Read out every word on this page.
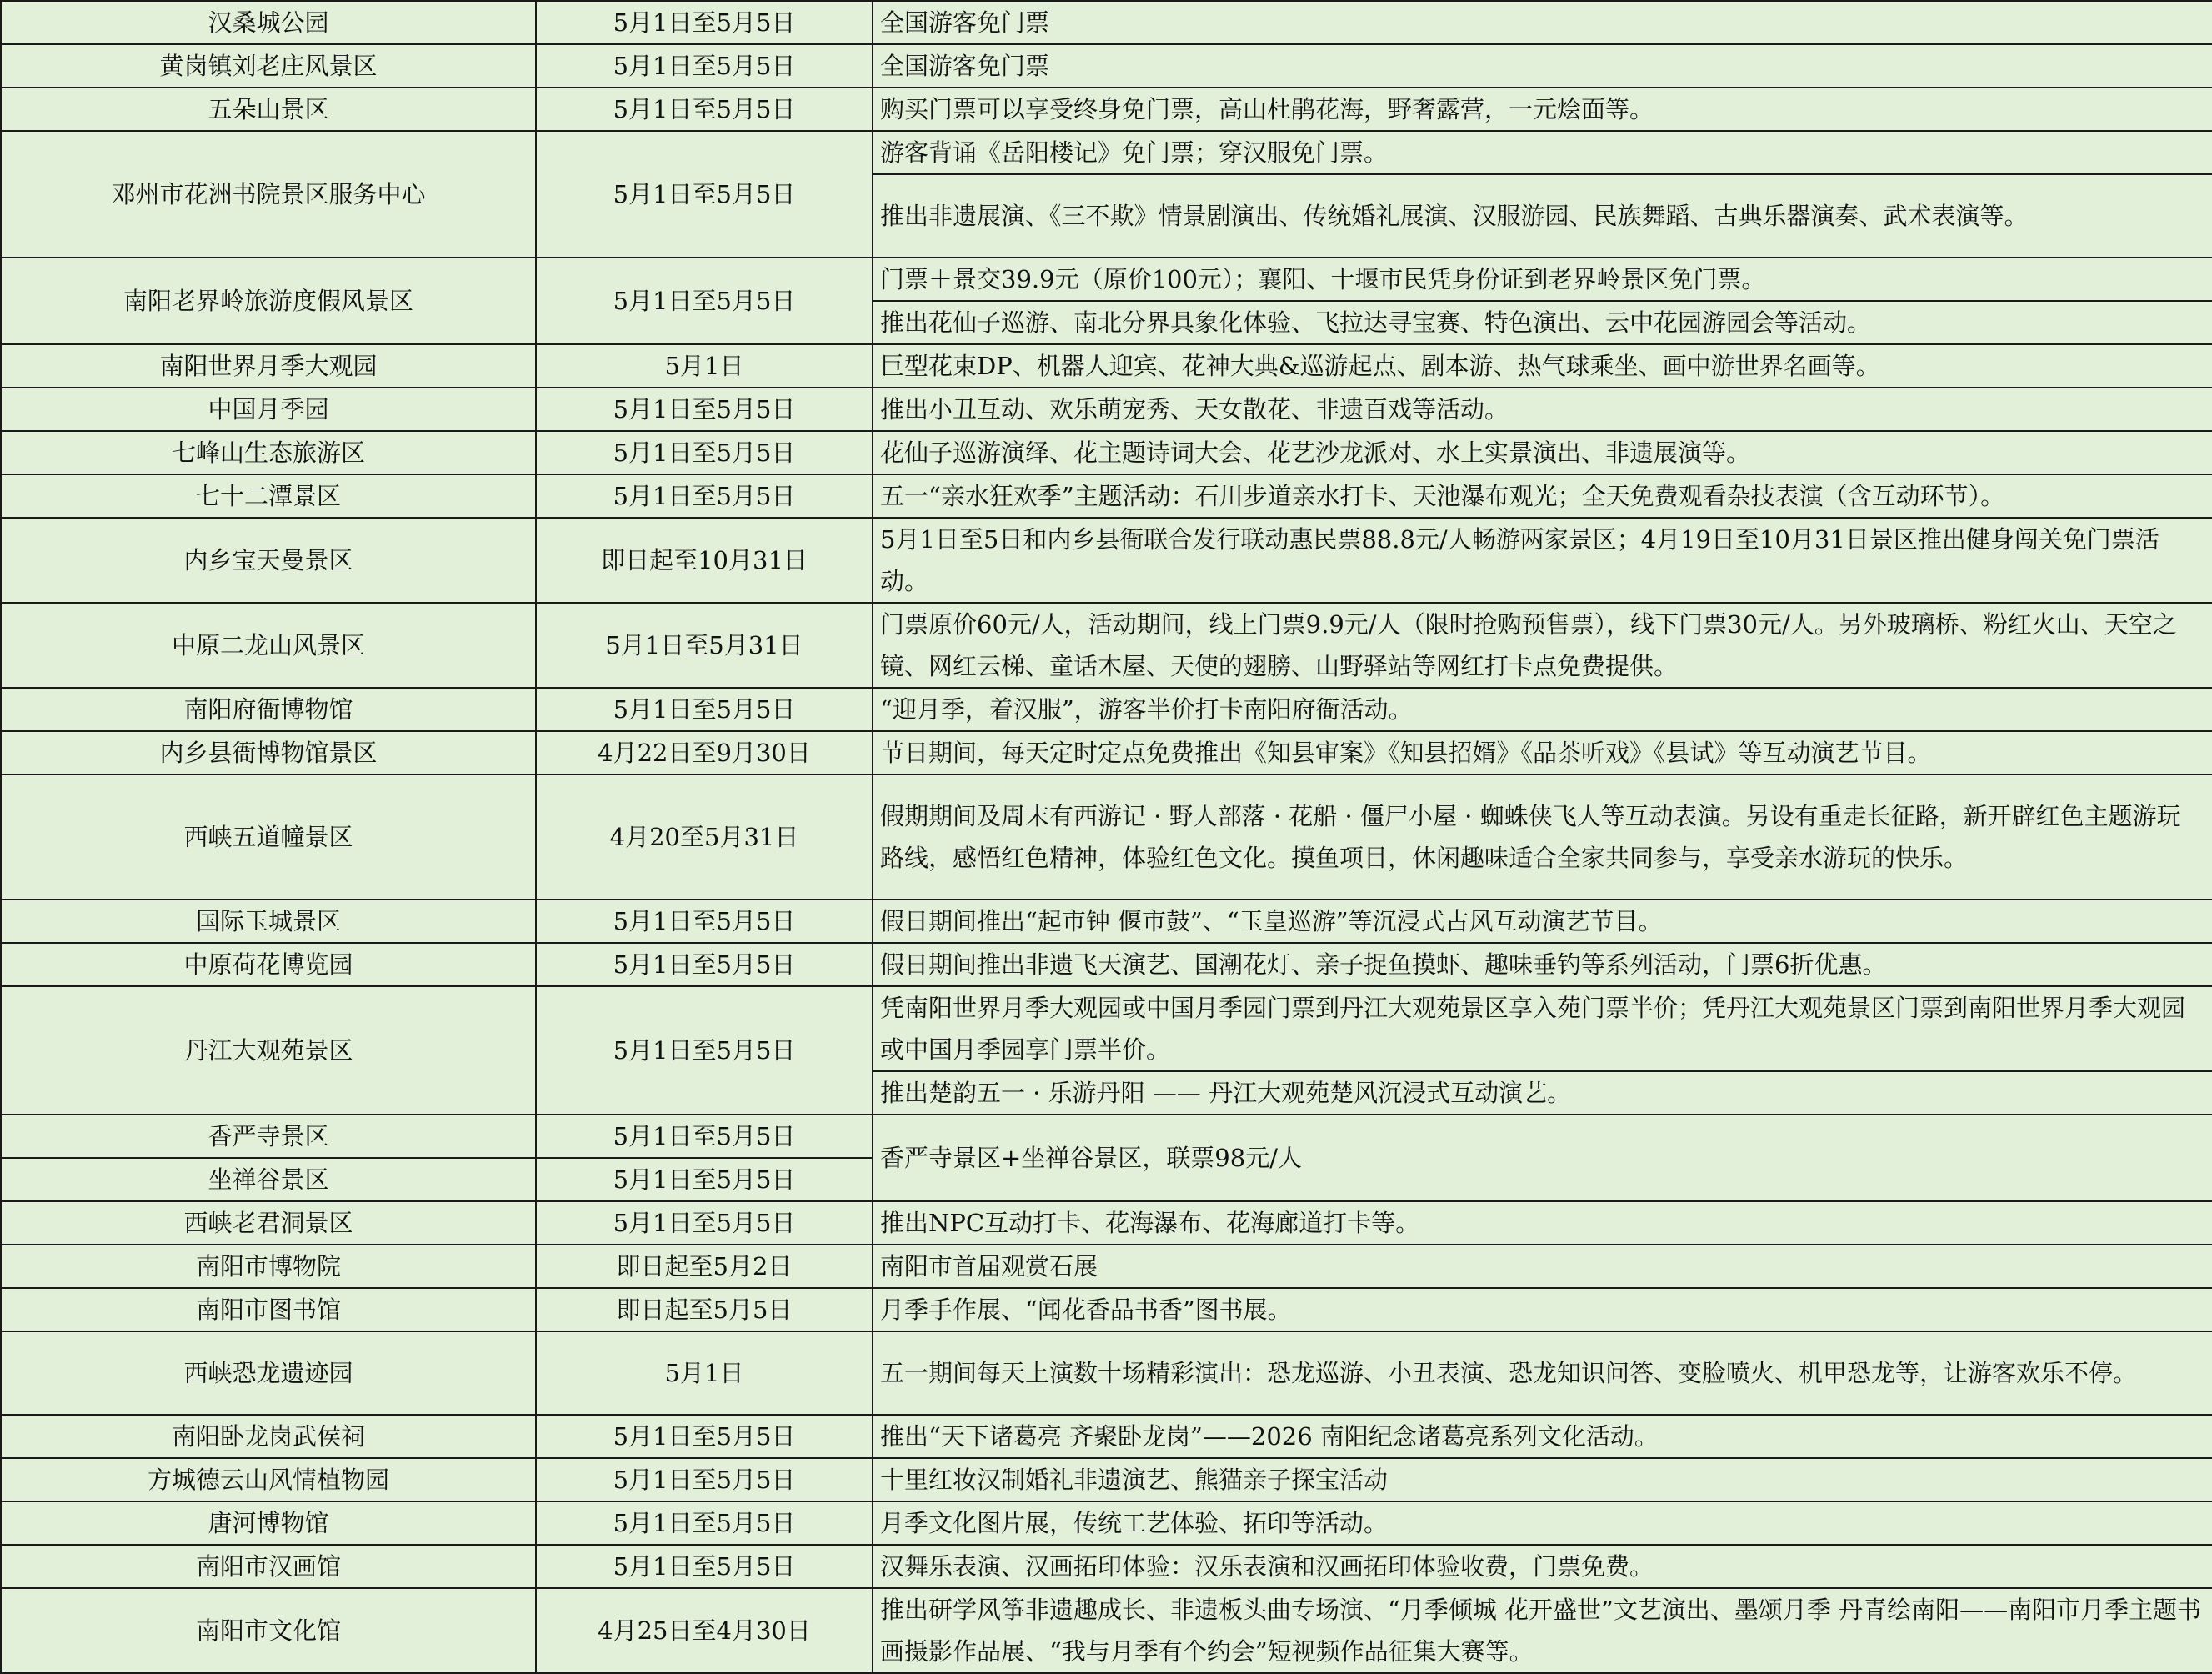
汉桑城公园	5月1日至5月5日	全国游客免门票
黄岗镇刘老庄风景区	5月1日至5月5日	全国游客免门票
五朵山景区	5月1日至5月5日	购买门票可以享受终身免门票，高山杜鹃花海，野奢露营，一元烩面等。
邓州市花洲书院景区服务中心	5月1日至5月5日	游客背诵《岳阳楼记》免门票；穿汉服免门票。
		推出非遗展演、《三不欺》情景剧演出、传统婚礼展演、汉服游园、民族舞蹈、古典乐器演奏、武术表演等。
南阳老界岭旅游度假风景区	5月1日至5月5日	门票＋景交39.9元（原价100元）；襄阳、十堰市民凭身份证到老界岭景区免门票。
		推出花仙子巡游、南北分界具象化体验、飞拉达寻宝赛、特色演出、云中花园游园会等活动。
南阳世界月季大观园	5月1日	巨型花束DP、机器人迎宾、花神大典&巡游起点、剧本游、热气球乘坐、画中游世界名画等。
中国月季园	5月1日至5月5日	推出小丑互动、欢乐萌宠秀、天女散花、非遗百戏等活动。
七峰山生态旅游区	5月1日至5月5日	花仙子巡游演绎、花主题诗词大会、花艺沙龙派对、水上实景演出、非遗展演等。
七十二潭景区	5月1日至5月5日	五一“亲水狂欢季”主题活动：石川步道亲水打卡、天池瀑布观光；全天免费观看杂技表演（含互动环节）。
内乡宝天曼景区	即日起至10月31日	5月1日至5日和内乡县衙联合发行联动惠民票88.8元/人畅游两家景区；4月19日至10月31日景区推出健身闯关免门票活动。
中原二龙山风景区	5月1日至5月31日	门票原价60元/人，活动期间，线上门票9.9元/人（限时抢购预售票），线下门票30元/人。另外玻璃桥、粉红火山、天空之镜、网红云梯、童话木屋、天使的翅膀、山野驿站等网红打卡点免费提供。
南阳府衙博物馆	5月1日至5月5日	“迎月季，着汉服”，游客半价打卡南阳府衙活动。
内乡县衙博物馆景区	4月22日至9月30日	节日期间，每天定时定点免费推出《知县审案》《知县招婿》《品茶听戏》《县试》等互动演艺节目。
西峡五道幢景区	4月20至5月31日	假期期间及周末有西游记 · 野人部落 · 花船 · 僵尸小屋 · 蜘蛛侠飞人等互动表演。另设有重走长征路，新开辟红色主题游玩路线，感悟红色精神，体验红色文化。摸鱼项目，休闲趣味适合全家共同参与，享受亲水游玩的快乐。
国际玉城景区	5月1日至5月5日	假日期间推出“起市钟 偃市鼓”、“玉皇巡游”等沉浸式古风互动演艺节目。
中原荷花博览园	5月1日至5月5日	假日期间推出非遗飞天演艺、国潮花灯、亲子捉鱼摸虾、趣味垂钓等系列活动，门票6折优惠。
丹江大观苑景区	5月1日至5月5日	凭南阳世界月季大观园或中国月季园门票到丹江大观苑景区享入苑门票半价；凭丹江大观苑景区门票到南阳世界月季大观园或中国月季园享门票半价。
		推出楚韵五一 · 乐游丹阳 —— 丹江大观苑楚风沉浸式互动演艺。
香严寺景区	5月1日至5月5日	香严寺景区+坐禅谷景区，联票98元/人
坐禅谷景区	5月1日至5月5日	
西峡老君洞景区	5月1日至5月5日	推出NPC互动打卡、花海瀑布、花海廊道打卡等。
南阳市博物院	即日起至5月2日	南阳市首届观赏石展
南阳市图书馆	即日起至5月5日	月季手作展、“闻花香品书香”图书展。
西峡恐龙遗迹园	5月1日	五一期间每天上演数十场精彩演出：恐龙巡游、小丑表演、恐龙知识问答、变脸喷火、机甲恐龙等，让游客欢乐不停。
南阳卧龙岗武侯祠	5月1日至5月5日	推出“天下诸葛亮 齐聚卧龙岗”——2026 南阳纪念诸葛亮系列文化活动。
方城德云山风情植物园	5月1日至5月5日	十里红妆汉制婚礼非遗演艺、熊猫亲子探宝活动
唐河博物馆	5月1日至5月5日	月季文化图片展，传统工艺体验、拓印等活动。
南阳市汉画馆	5月1日至5月5日	汉舞乐表演、汉画拓印体验：汉乐表演和汉画拓印体验收费，门票免费。
南阳市文化馆	4月25日至4月30日	推出研学风筝非遗趣成长、非遗板头曲专场演、“月季倾城 花开盛世”文艺演出、墨颂月季 丹青绘南阳——南阳市月季主题书画摄影作品展、“我与月季有个约会”短视频作品征集大赛等。
